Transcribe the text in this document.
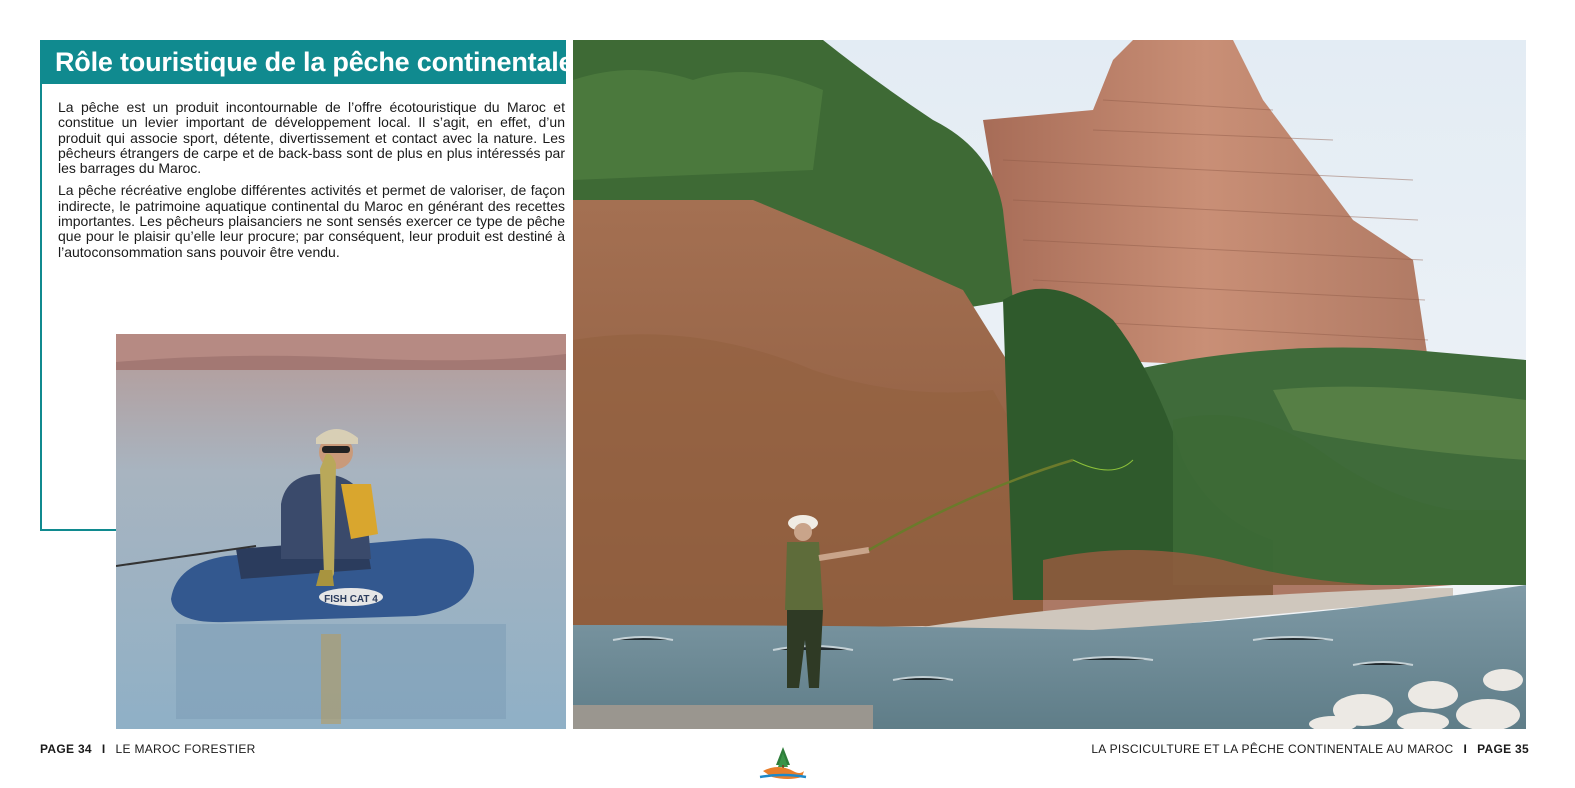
Rôle touristique de la pêche continentale

La pêche est un produit incontournable de l’offre écotouristique du Maroc et constitue un levier important de développement local. Il s’agit, en effet, d’un produit qui associe sport, détente, divertissement et contact avec la nature. Les pêcheurs étrangers de carpe et de back-bass sont de plus en plus intéressés par les barrages du Maroc.

La pêche récréative englobe différentes activités et permet de valoriser, de façon indirecte, le patrimoine aquatique continental du Maroc en générant des recettes importantes. Les pêcheurs plaisanciers ne sont sensés exercer ce type de pêche que pour le plaisir qu’elle leur procure; par conséquent, leur produit est destiné à l’autoconsommation sans pouvoir être vendu.

FISH CAT 4
PAGE 34 I LE MAROC FORESTIER	LA PISCICULTURE ET LA PÊCHE CONTINENTALE AU MAROC I PAGE 35
